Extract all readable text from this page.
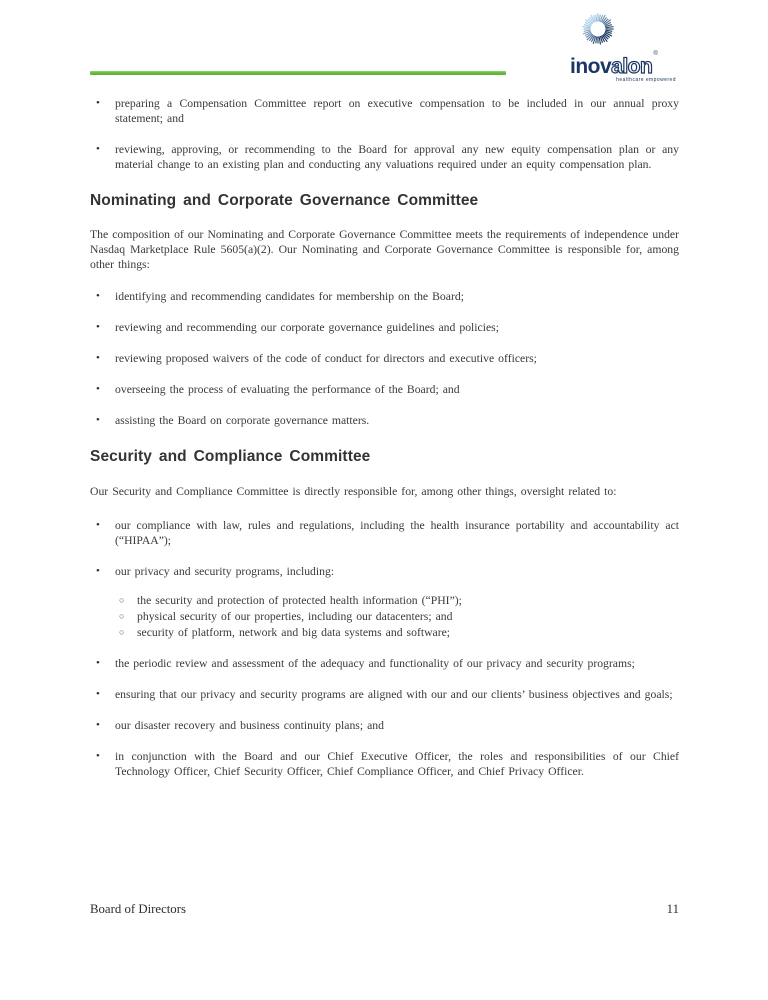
inovalon®
healthcare empowered
•	preparing a Compensation Committee report on executive compensation to be included in our annual proxy statement; and
•	reviewing, approving, or recommending to the Board for approval any new equity compensation plan or any material change to an existing plan and conducting any valuations required under an equity compensation plan.
Nominating and Corporate Governance Committee

The composition of our Nominating and Corporate Governance Committee meets the requirements of independence under Nasdaq Marketplace Rule 5605(a)(2). Our Nominating and Corporate Governance Committee is responsible for, among other things:

•	identifying and recommending candidates for membership on the Board;
•	reviewing and recommending our corporate governance guidelines and policies;
•	reviewing proposed waivers of the code of conduct for directors and executive officers;
•	overseeing the process of evaluating the performance of the Board; and
•	assisting the Board on corporate governance matters.
Security and Compliance Committee

Our Security and Compliance Committee is directly responsible for, among other things, oversight related to:

•	our compliance with law, rules and regulations, including the health insurance portability and accountability act (“HIPAA”);
•	our privacy and security programs, including:
○	the security and protection of protected health information (“PHI”);
○	physical security of our properties, including our datacenters; and
○	security of platform, network and big data systems and software;
•	the periodic review and assessment of the adequacy and functionality of our privacy and security programs;
•	ensuring that our privacy and security programs are aligned with our and our clients’ business objectives and goals;
•	our disaster recovery and business continuity plans; and
•	in conjunction with the Board and our Chief Executive Officer, the roles and responsibilities of our Chief Technology Officer, Chief Security Officer, Chief Compliance Officer, and Chief Privacy Officer.
Board of Directors	11
